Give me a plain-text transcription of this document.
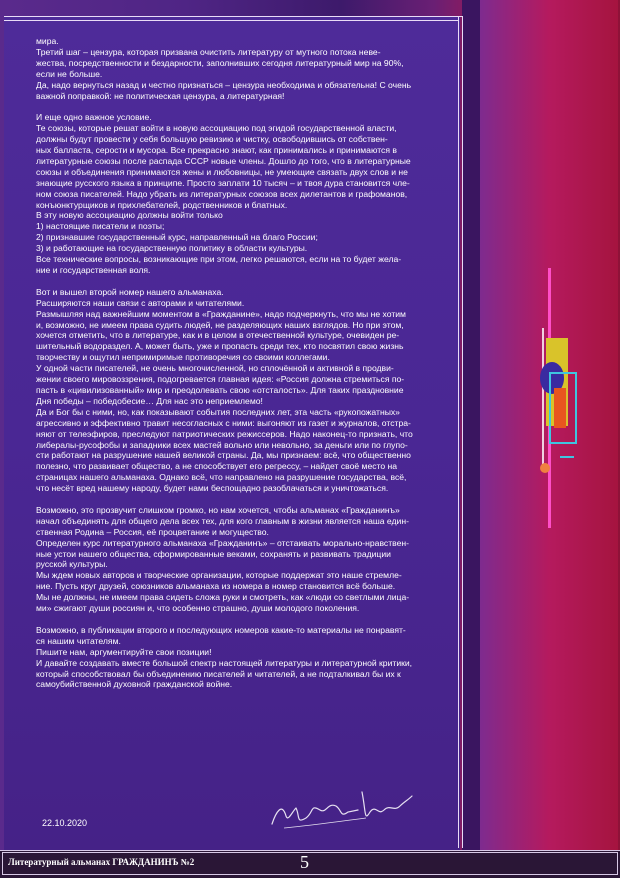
мира.
Третий шаг – цензура, которая призвана очистить литературу от мутного потока неве-
жества, посредственности и бездарности, заполнивших сегодня литературный мир на 90%,
если не больше.
Да, надо вернуться назад и честно признаться – цензура необходима и обязательна! С очень
важной поправкой: не политическая цензура, а литературная!

И еще одно важное условие.
Те союзы, которые решат войти в новую ассоциацию под эгидой государственной власти,
должны будут провести у себя большую ревизию и чистку, освободившись от собствен-
ных балласта, серости и мусора. Все прекрасно знают, как принимались и принимаются в
литературные союзы после распада СССР новые члены. Дошло до того, что в литературные
союзы и объединения принимаются жены и любовницы, не умеющие связать двух слов и не
знающие русского языка в принципе. Просто заплати 10 тысяч – и твоя дура становится чле-
ном союза писателей. Надо убрать из литературных союзов всех дилетантов и графоманов,
конъюнктурщиков и прихлебателей, родственников и блатных.
В эту новую ассоциацию должны войти только
1) настоящие писатели и поэты;
2) признавшие государственный курс, направленный на благо России;
3) и работающие на государственную политику в области культуры.
Все технические вопросы, возникающие при этом, легко решаются, если на то будет жела-
ние и государственная воля.

Вот и вышел второй номер нашего альманаха.
Расширяются наши связи с авторами и читателями.
Размышляя над важнейшим моментом в «Гражданине», надо подчеркнуть, что мы не хотим
и, возможно, не имеем права судить людей, не разделяющих наших взглядов. Но при этом,
хочется отметить, что в литературе, как и в целом в отечественной культуре, очевиден ре-
шительный водораздел. А, может быть, уже и пропасть среди тех, кто посвятил свою жизнь
творчеству и ощутил непримиримые противоречия со своими коллегами.
У одной части писателей, не очень многочисленной, но сплочённой и активной в продви-
жении своего мировоззрения, подогревается главная идея: «Россия должна стремиться по-
пасть в «цивилизованный» мир и преодолевать свою «отсталость». Для таких праздновние
Дня победы – победобесие… Для нас это неприемлемо!
Да и Бог бы с ними, но, как показывают события последних лет, эта часть «рукопожатных»
агрессивно и эффективно травит несогласных с ними: выгоняют из газет и журналов, отстра-
няют от телеэфиров, преследуют патриотических режиссеров. Надо наконец-то признать, что
либералы-русофобы и западники всех мастей вольно или невольно, за деньги или по глупо-
сти работают на разрушение нашей великой страны. Да, мы признаем: всё, что общественно
полезно, что развивает общество, а не способствует его регрессу, – найдет своё место на
страницах нашего альманаха. Однако всё, что направлено на разрушение государства, всё,
что несёт вред нашему народу, будет нами беспощадно разоблачаться и уничтожаться.

Возможно, это прозвучит слишком громко, но нам хочется, чтобы альманах «Гражданинъ»
начал объединять для общего дела всех тех, для кого главным в жизни является наша един-
ственная Родина – Россия, её процветание и могущество.
Определен курс литературного альманаха «Гражданинъ» – отстаивать морально-нравствен-
ные устои нашего общества, сформированные веками, сохранять и развивать традиции
русской культуры.
Мы ждем новых авторов и творческие организации, которые поддержат это наше стремле-
ние. Пусть круг друзей, союзников альманаха из номера в номер становится всё больше.
Мы не должны, не имеем права сидеть сложа руки и смотреть, как «люди со светлыми лица-
ми» сжигают души россиян и, что особенно страшно, души молодого поколения.

Возможно, в публикации второго и последующих номеров какие-то материалы не понравят-
ся нашим читателям.
Пишите нам, аргументируйте свои позиции!
И давайте создавать вместе большой спектр настоящей литературы и литературной критики,
который способствовал бы объединению писателей и читателей, а не подталкивал бы их к
самоубийственной духовной гражданской войне.

22.10.2020
Литературный альманах ГРАЖДАНИНЪ №2	5
